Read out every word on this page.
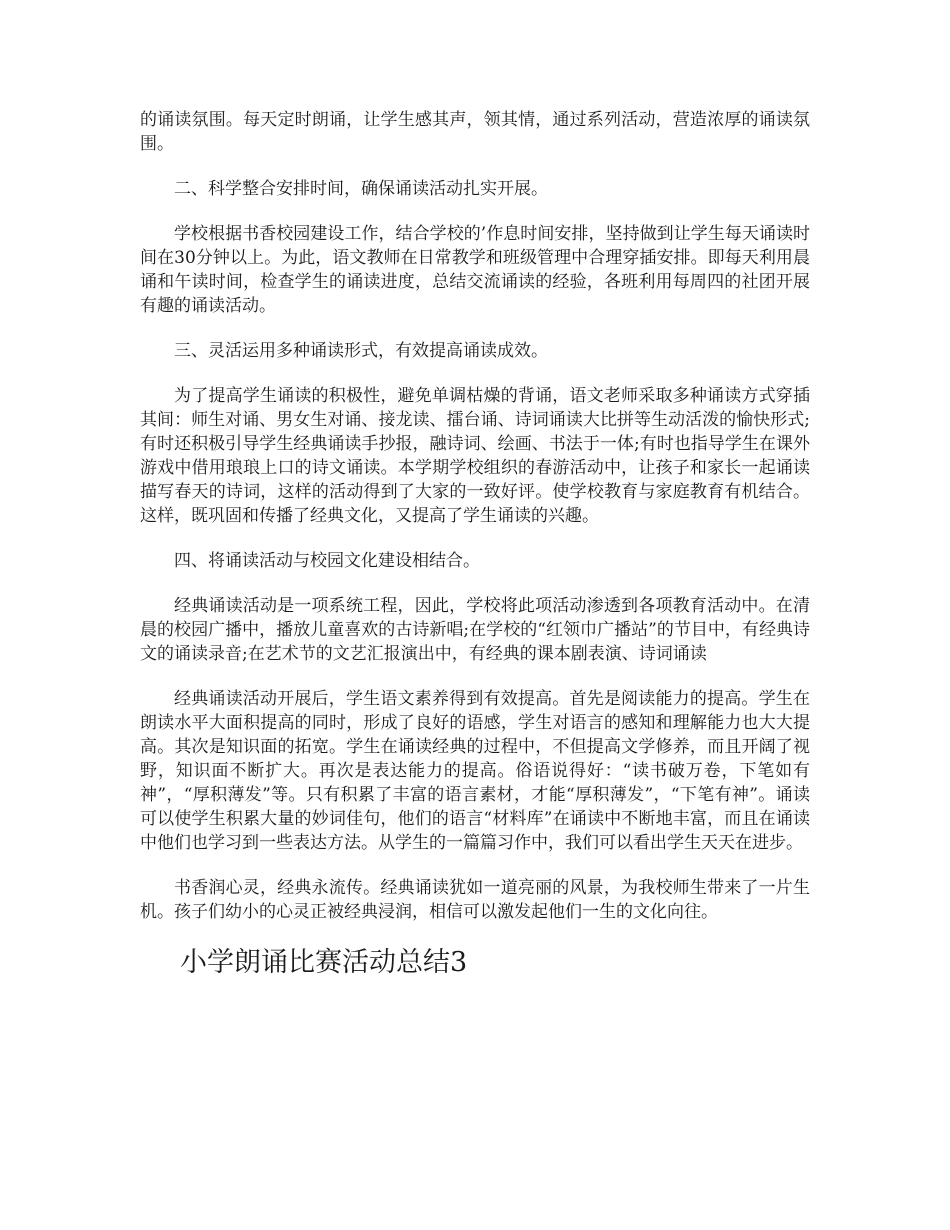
的诵读氛围。每天定时朗诵，让学生感其声，领其情，通过系列活动，营造浓厚的诵读氛围。

二、科学整合安排时间，确保诵读活动扎实开展。

学校根据书香校园建设工作，结合学校的’作息时间安排，坚持做到让学生每天诵读时间在30分钟以上。为此，语文教师在日常教学和班级管理中合理穿插安排。即每天利用晨诵和午读时间，检查学生的诵读进度，总结交流诵读的经验，各班利用每周四的社团开展有趣的诵读活动。

三、灵活运用多种诵读形式，有效提高诵读成效。

为了提高学生诵读的积极性，避免单调枯燥的背诵，语文老师采取多种诵读方式穿插其间：师生对诵、男女生对诵、接龙读、擂台诵、诗词诵读大比拼等生动活泼的愉快形式;有时还积极引导学生经典诵读手抄报，融诗词、绘画、书法于一体;有时也指导学生在课外游戏中借用琅琅上口的诗文诵读。本学期学校组织的春游活动中，让孩子和家长一起诵读描写春天的诗词，这样的活动得到了大家的一致好评。使学校教育与家庭教育有机结合。这样，既巩固和传播了经典文化，又提高了学生诵读的兴趣。

四、将诵读活动与校园文化建设相结合。

经典诵读活动是一项系统工程，因此，学校将此项活动渗透到各项教育活动中。在清晨的校园广播中，播放儿童喜欢的古诗新唱;在学校的“红领巾广播站”的节目中，有经典诗文的诵读录音;在艺术节的文艺汇报演出中，有经典的课本剧表演、诗词诵读

经典诵读活动开展后，学生语文素养得到有效提高。首先是阅读能力的提高。学生在朗读水平大面积提高的同时，形成了良好的语感，学生对语言的感知和理解能力也大大提高。其次是知识面的拓宽。学生在诵读经典的过程中，不但提高文学修养，而且开阔了视野，知识面不断扩大。再次是表达能力的提高。俗语说得好：“读书破万卷，下笔如有神”，“厚积薄发”等。只有积累了丰富的语言素材，才能“厚积薄发”，“下笔有神”。诵读可以使学生积累大量的妙词佳句，他们的语言“材料库”在诵读中不断地丰富，而且在诵读中他们也学习到一些表达方法。从学生的一篇篇习作中，我们可以看出学生天天在进步。

书香润心灵，经典永流传。经典诵读犹如一道亮丽的风景，为我校师生带来了一片生机。孩子们幼小的心灵正被经典浸润，相信可以激发起他们一生的文化向往。

小学朗诵比赛活动总结3
